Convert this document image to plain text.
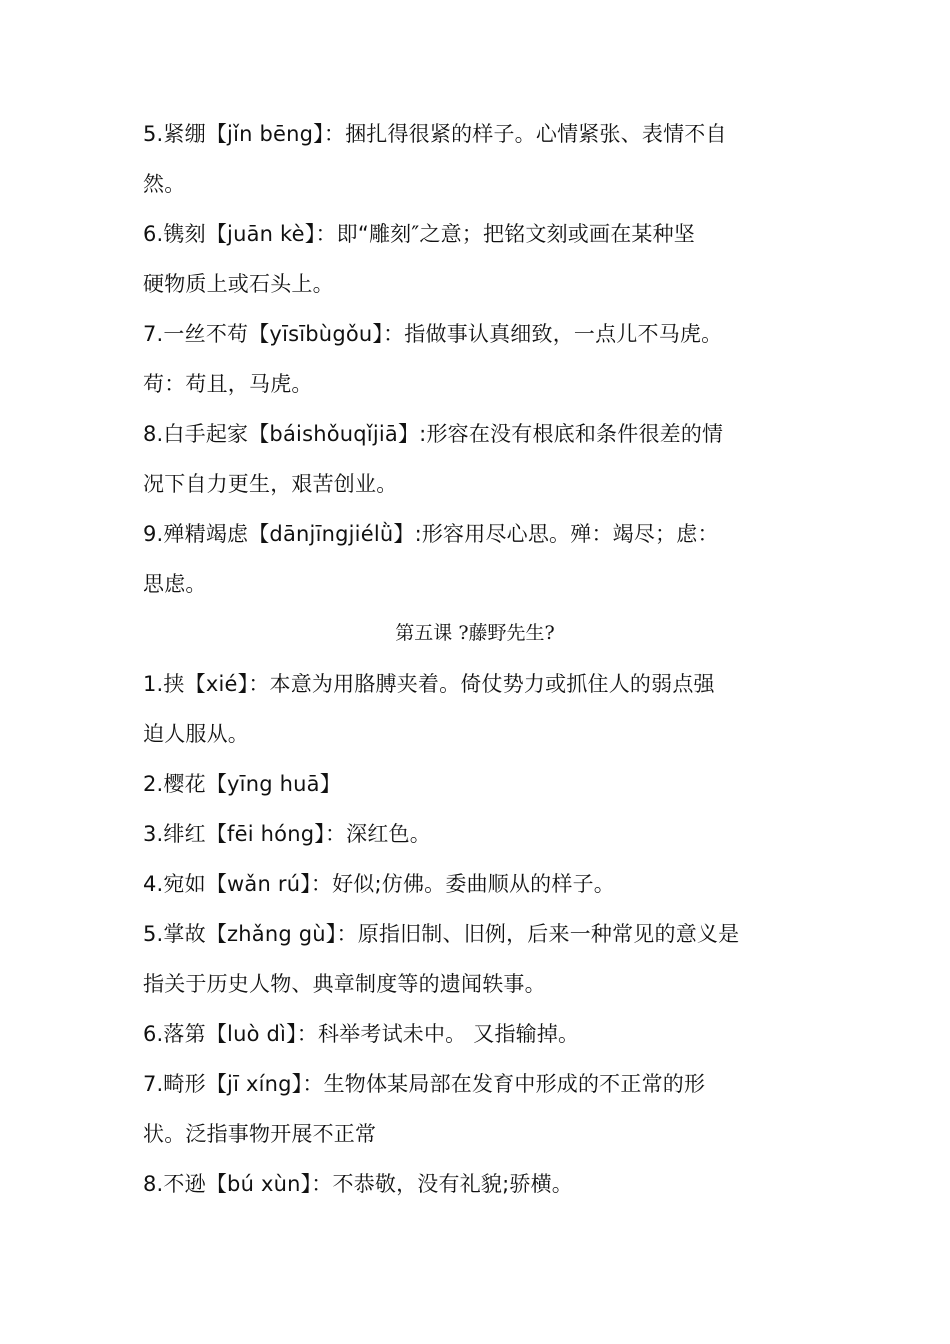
5.紧绷【jǐn bēng】：捆扎得很紧的样子。心情紧张、表情不自
然。
6.镌刻【juān kè】：即“雕刻″之意；把铭文刻或画在某种坚
硬物质上或石头上。
7.一丝不苟【yīsībùgǒu】：指做事认真细致，一点儿不马虎。
苟：苟且，马虎。
8.白手起家【báishǒuqǐjiā】:形容在没有根底和条件很差的情
况下自力更生，艰苦创业。
9.殚精竭虑【dānjīngjiélǜ】:形容用尽心思。殚：竭尽；虑：
思虑。
第五课 ?藤野先生?
1.挟【xié】：本意为用胳膊夹着。倚仗势力或抓住人的弱点强
迫人服从。
2.樱花【yīng huā】
3.绯红【fēi hóng】：深红色。
4.宛如【wǎn rú】：好似;仿佛。委曲顺从的样子。
5.掌故【zhǎng gù】：原指旧制、旧例，后来一种常见的意义是
指关于历史人物、典章制度等的遗闻轶事。
6.落第【luò dì】：科举考试未中。 又指输掉。
7.畸形【jī xíng】：生物体某局部在发育中形成的不正常的形
状。泛指事物开展不正常
8.不逊【bú xùn】：不恭敬，没有礼貌;骄横。
